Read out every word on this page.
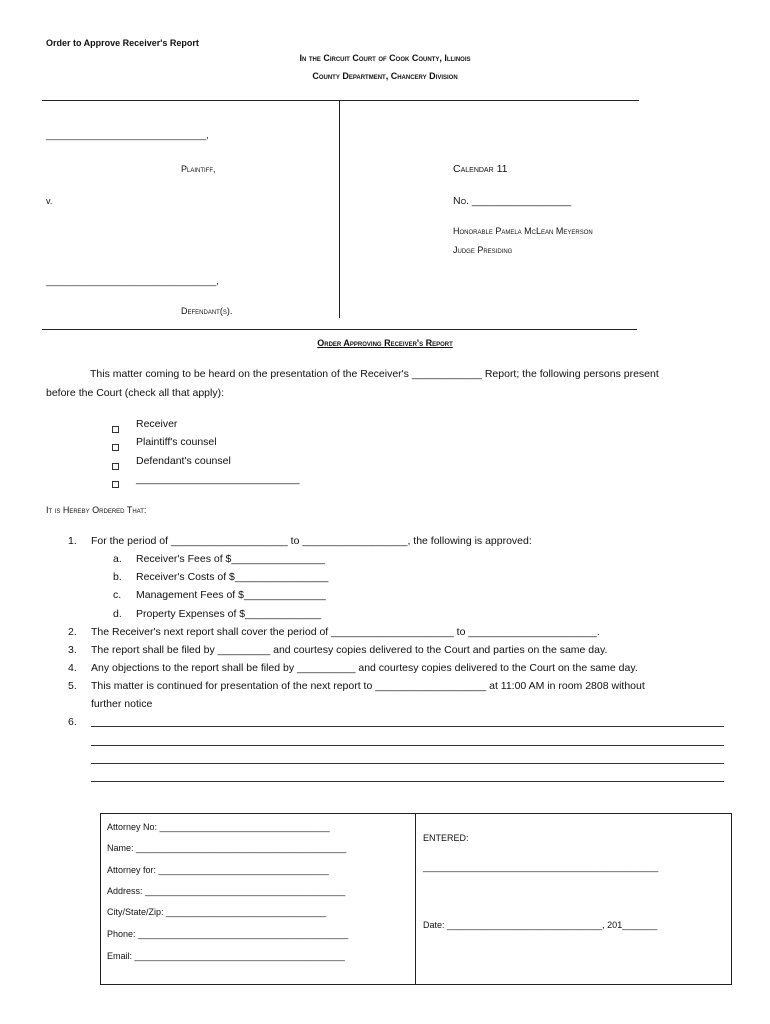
Order to Approve Receiver's Report
In the Circuit Court of Cook County, Illinois
County Department, Chancery Division
________________________________,
Plaintiff,
v.
__________________________________,
Defendant(s).
Calendar 11
No. _________________
Honorable Pamela McLean Meyerson
Judge Presiding
Order Approving Receiver's Report
This matter coming to be heard on the presentation of the Receiver's ____________ Report; the following persons present
before the Court (check all that apply):
Receiver
Plaintiff's counsel
Defendant's counsel
____________________________
It is Hereby Ordered That:
1. For the period of ____________________ to __________________, the following is approved:
a. Receiver's Fees of $________________
b. Receiver's Costs of $________________
c. Management Fees of $______________
d. Property Expenses of $_____________
2. The Receiver's next report shall cover the period of _____________________ to ______________________.
3. The report shall be filed by _________ and courtesy copies delivered to the Court and parties on the same day.
4. Any objections to the report shall be filed by __________ and courtesy copies delivered to the Court on the same day.
5. This matter is continued for presentation of the next report to ___________________ at 11:00 AM in room 2808 without
further notice
6.
Attorney No: __________________________________
Name: __________________________________________
Attorney for: __________________________________
Address: ________________________________________
City/State/Zip: ________________________________
Phone: __________________________________________
Email: __________________________________________
ENTERED:
_______________________________________________
Date: _______________________________, 201_______
